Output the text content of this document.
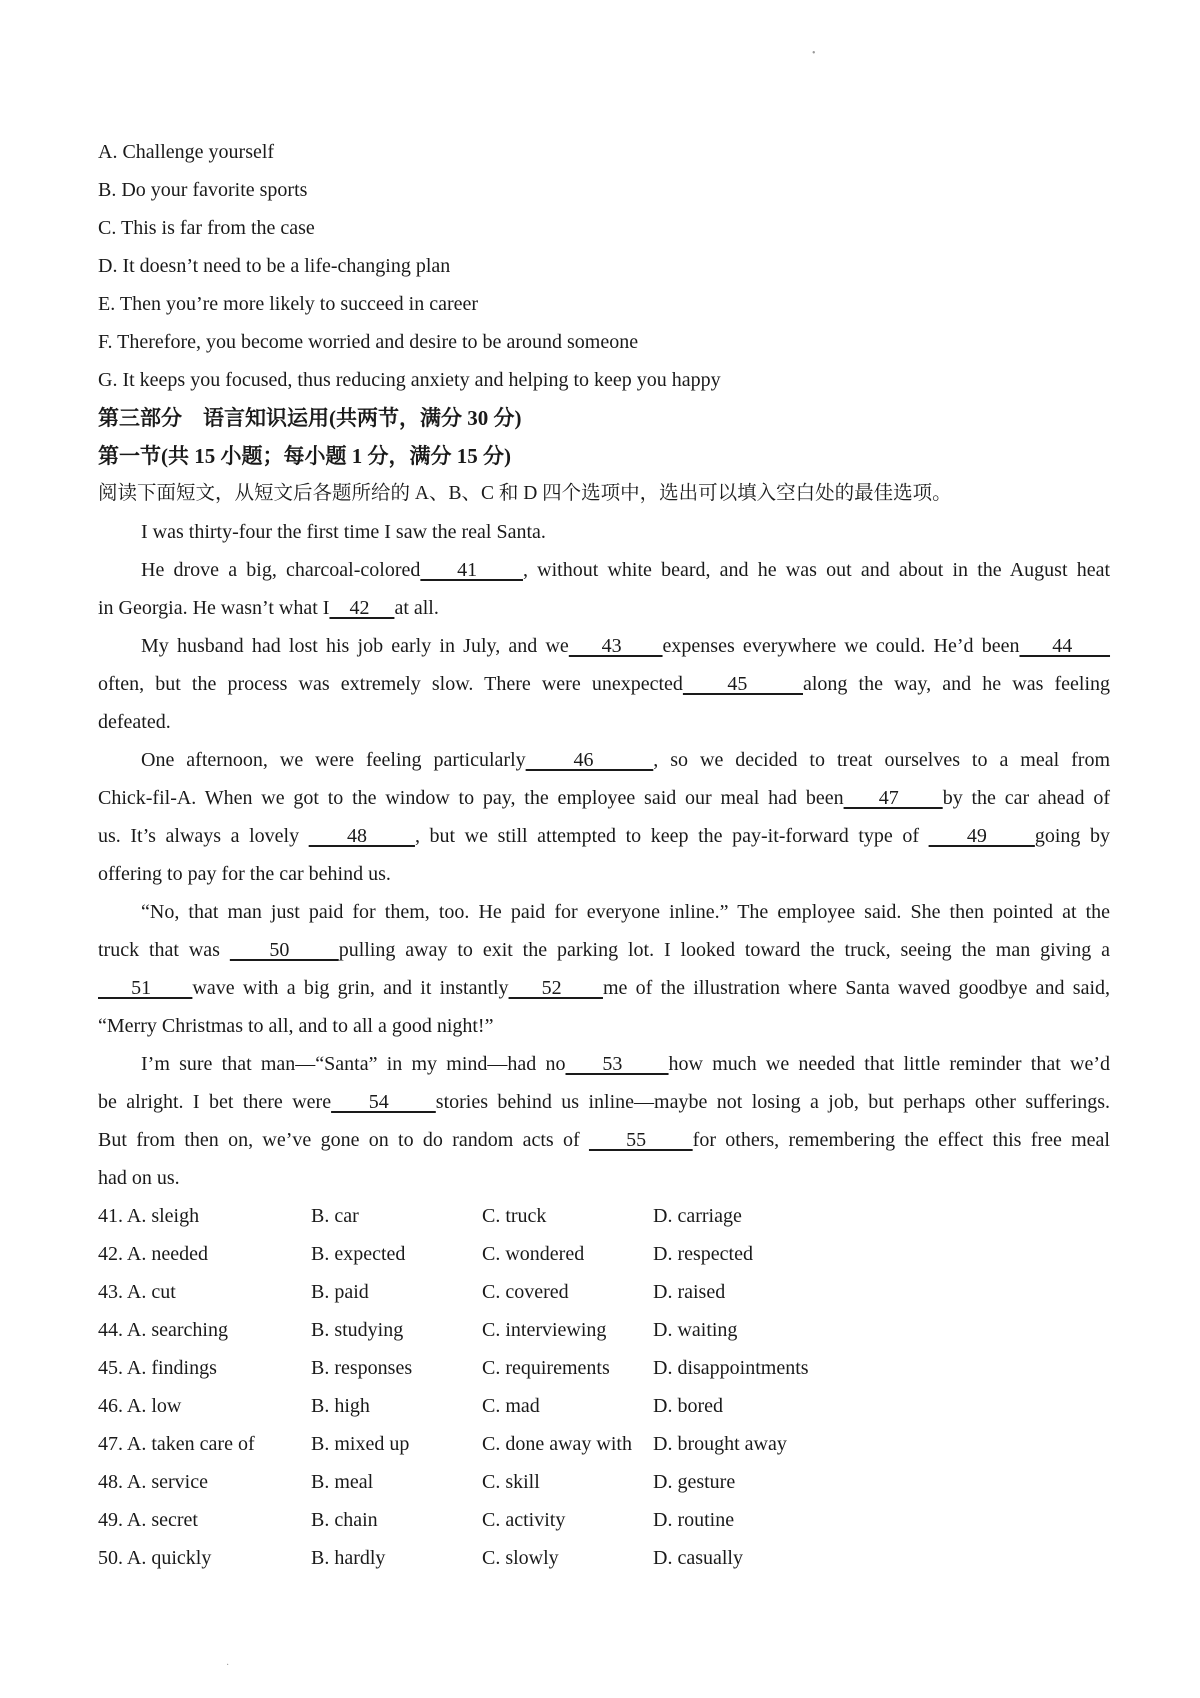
•
A. Challenge yourself
B. Do your favorite sports
C. This is far from the case
D. It doesn’t need to be a life-changing plan
E. Then you’re more likely to succeed in career
F. Therefore, you become worried and desire to be around someone
G. It keeps you focused, thus reducing anxiety and helping to keep you happy
第三部分　语言知识运用(共两节，满分 30 分)
第一节(共 15 小题；每小题 1 分，满分 15 分)
阅读下面短文，从短文后各题所给的 A、B、C 和 D 四个选项中，选出可以填入空白处的最佳选项。
I was thirty-four the first time I saw the real Santa.
He drove a big, charcoal-colored    41     , without white beard, and he was out and about in the August heat
in Georgia. He wasn’t what I    42     at all.
My husband had lost his job early in July, and we    43     expenses everywhere we could. He’d been    44
often, but the process was extremely slow. There were unexpected    45     along the way, and he was feeling
defeated.
One afternoon, we were feeling particularly    46     , so we decided to treat ourselves to a meal from
Chick-fil-A. When we got to the window to pay, the employee said our meal had been    47     by the car ahead of
us. It’s always a lovely     48     , but we still attempted to keep the pay-it-forward type of     49     going by
offering to pay for the car behind us.
“No, that man just paid for them, too. He paid for everyone inline.” The employee said. She then pointed at the
truck that was     50     pulling away to exit the parking lot. I looked toward the truck, seeing the man giving a
51     wave with a big grin, and it instantly    52     me of the illustration where Santa waved goodbye and said,
“Merry Christmas to all, and to all a good night!”
I’m sure that man—“Santa” in my mind—had no    53     how much we needed that little reminder that we’d
be alright. I bet there were    54     stories behind us inline—maybe not losing a job, but perhaps other sufferings.
But from then on, we’ve gone on to do random acts of     55     for others, remembering the effect this free meal
had on us.
41. A. sleigh	B. car	C. truck	D. carriage
42. A. needed	B. expected	C. wondered	D. respected
43. A. cut	B. paid	C. covered	D. raised
44. A. searching	B. studying	C. interviewing D. waiting
45. A. findings	B. responses	C. requirements D. disappointments
46. A. low	B. high	C. mad	D. bored
47. A. taken care of	B. mixed up	C. done away with D. brought away
48. A. service	B. meal	C. skill	D. gesture
49. A. secret	B. chain	C. activity	D. routine
50. A. quickly	B. hardly	C. slowly	D. casually
·
